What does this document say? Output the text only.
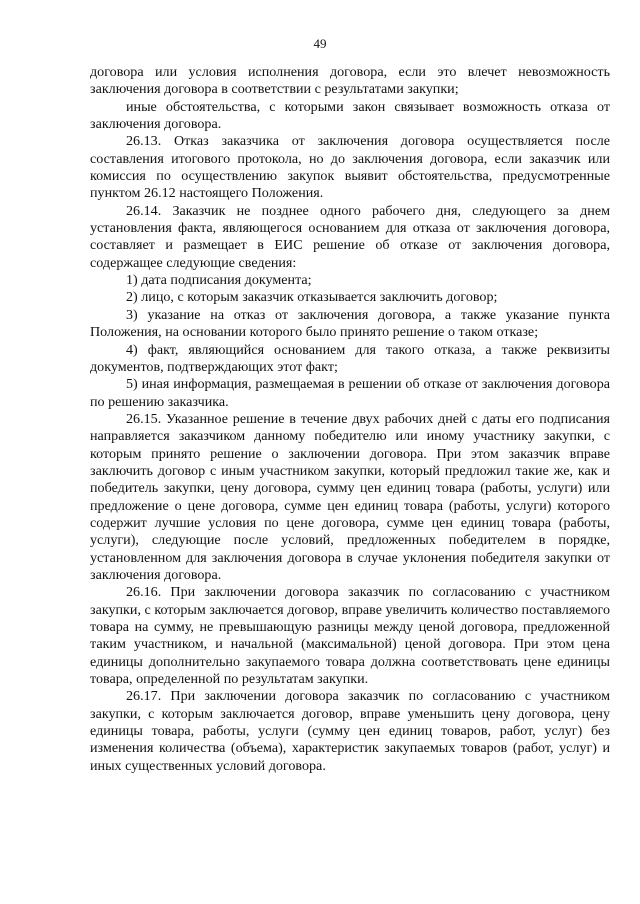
49

договора или условия исполнения договора, если это влечет невозможность заключения договора в соответствии с результатами закупки;

иные обстоятельства, с которыми закон связывает возможность отказа от заключения договора.

26.13. Отказ заказчика от заключения договора осуществляется после составления итогового протокола, но до заключения договора, если заказчик или комиссия по осуществлению закупок выявит обстоятельства, предусмотренные пунктом 26.12 настоящего Положения.

26.14. Заказчик не позднее одного рабочего дня, следующего за днем установления факта, являющегося основанием для отказа от заключения договора, составляет и размещает в ЕИС решение об отказе от заключения договора, содержащее следующие сведения:

1) дата подписания документа;

2) лицо, с которым заказчик отказывается заключить договор;

3) указание на отказ от заключения договора, а также указание пункта Положения, на основании которого было принято решение о таком отказе;

4) факт, являющийся основанием для такого отказа, а также реквизиты документов, подтверждающих этот факт;

5) иная информация, размещаемая в решении об отказе от заключения договора по решению заказчика.

26.15. Указанное решение в течение двух рабочих дней с даты его подписания направляется заказчиком данному победителю или иному участнику закупки, с которым принято решение о заключении договора. При этом заказчик вправе заключить договор с иным участником закупки, который предложил такие же, как и победитель закупки, цену договора, сумму цен единиц товара (работы, услуги) или предложение о цене договора, сумме цен единиц товара (работы, услуги) которого содержит лучшие условия по цене договора, сумме цен единиц товара (работы, услуги), следующие после условий, предложенных победителем в порядке, установленном для заключения договора в случае уклонения победителя закупки от заключения договора.

26.16. При заключении договора заказчик по согласованию с участником закупки, с которым заключается договор, вправе увеличить количество поставляемого товара на сумму, не превышающую разницы между ценой договора, предложенной таким участником, и начальной (максимальной) ценой договора. При этом цена единицы дополнительно закупаемого товара должна соответствовать цене единицы товара, определенной по результатам закупки.

26.17. При заключении договора заказчик по согласованию с участником закупки, с которым заключается договор, вправе уменьшить цену договора, цену единицы товара, работы, услуги (сумму цен единиц товаров, работ, услуг) без изменения количества (объема), характеристик закупаемых товаров (работ, услуг) и иных существенных условий договора.
